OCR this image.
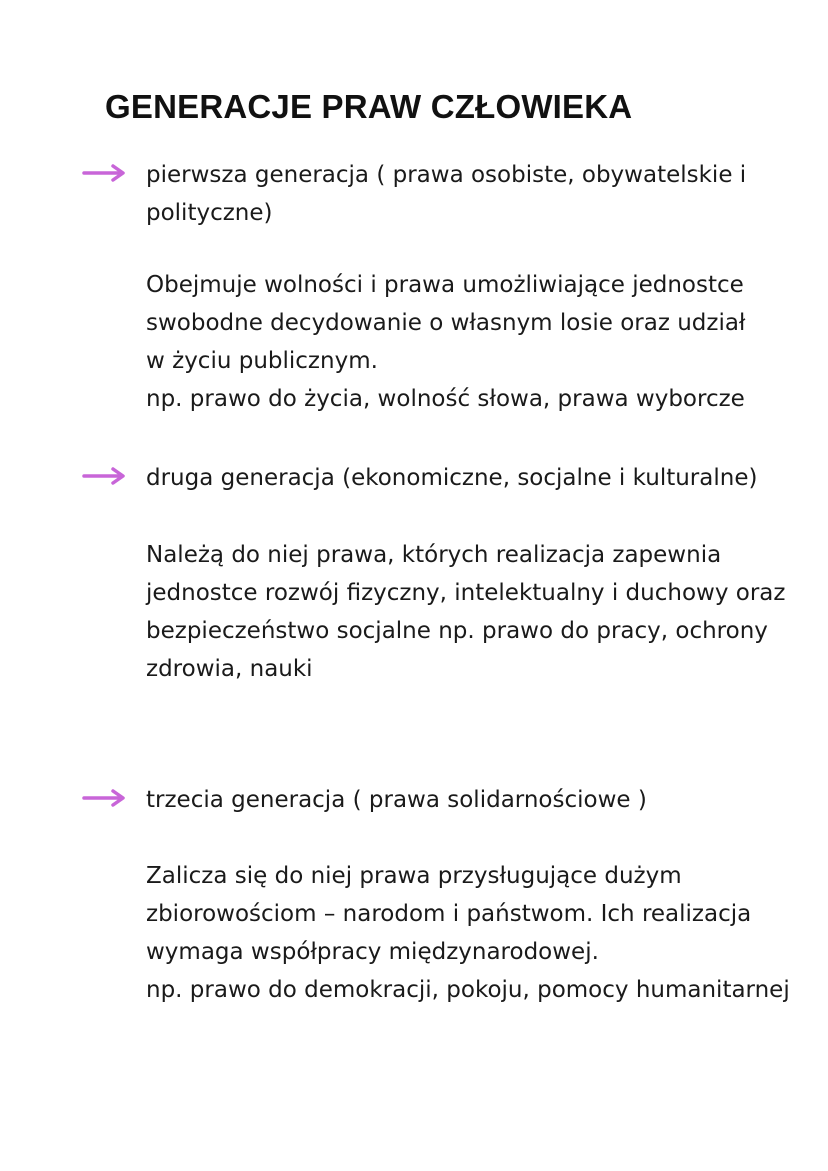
GENERACJE PRAW CZŁOWIEKA

pierwsza generacja ( prawa osobiste, obywatelskie i

polityczne)

Obejmuje wolności i prawa umożliwiające jednostce

swobodne decydowanie o własnym losie oraz udział

w życiu publicznym.

np. prawo do życia, wolność słowa, prawa wyborcze

druga generacja (ekonomiczne, socjalne i kulturalne)

Należą do niej prawa, których realizacja zapewnia

jednostce rozwój fizyczny, intelektualny i duchowy oraz

bezpieczeństwo socjalne np. prawo do pracy, ochrony

zdrowia, nauki

trzecia generacja ( prawa solidarnościowe )

Zalicza się do niej prawa przysługujące dużym

zbiorowościom – narodom i państwom. Ich realizacja

wymaga współpracy międzynarodowej.

np. prawo do demokracji, pokoju, pomocy humanitarnej
